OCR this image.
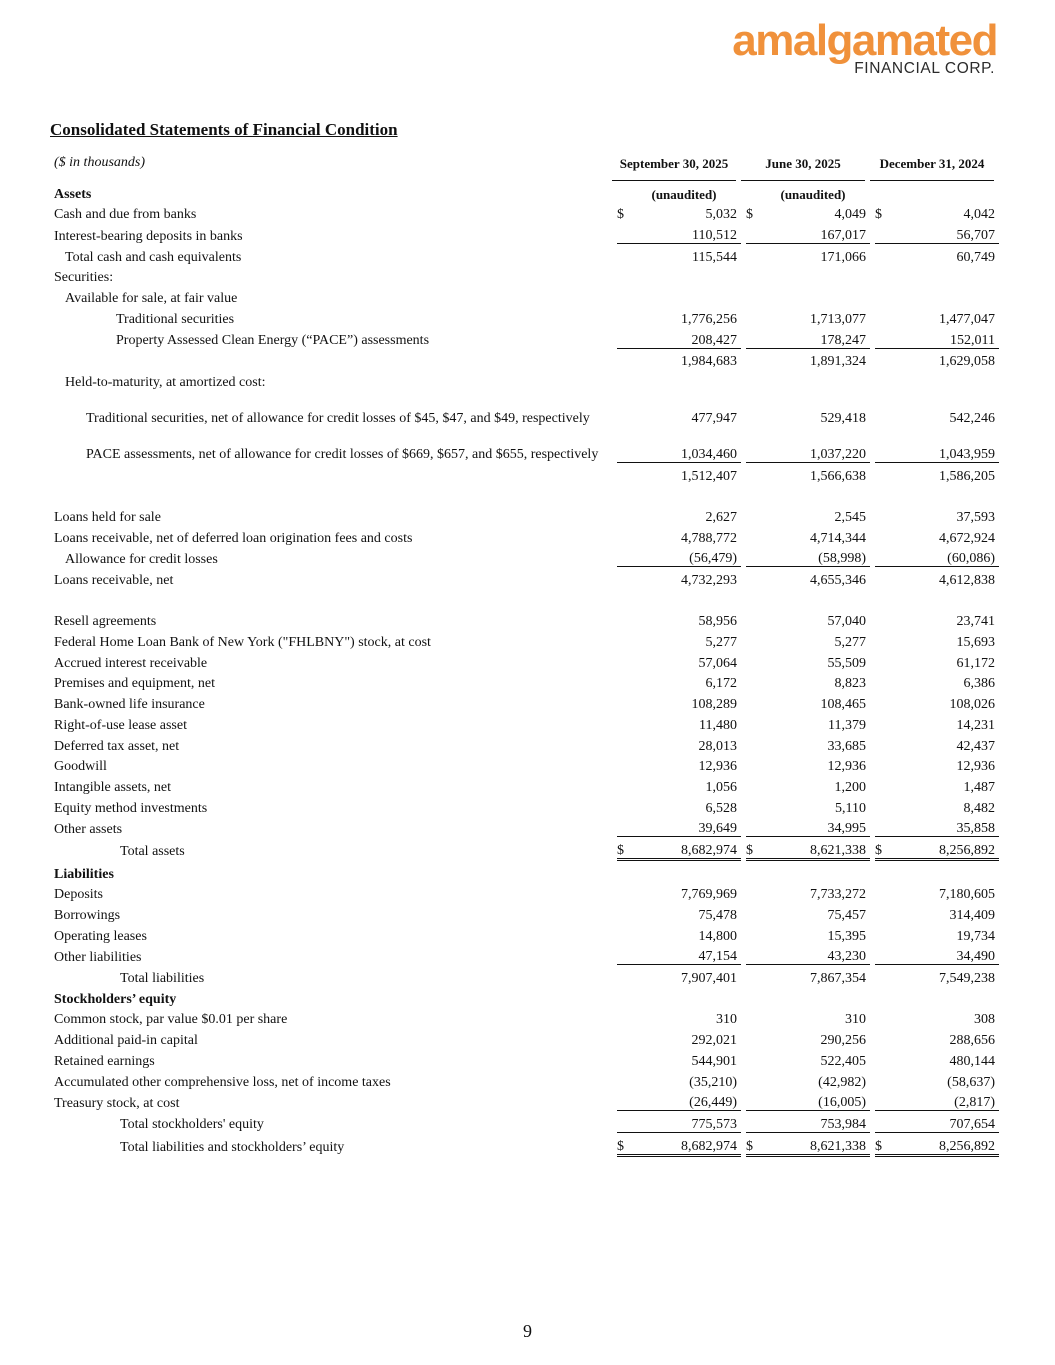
amalgamated
FINANCIAL CORP.
Consolidated Statements of Financial Condition
($ in thousands)	September 30, 2025	June 30, 2025	December 31, 2024
Assets			(unaudited)			(unaudited)			
Cash and due from banks		$	5,032		$	4,049		$	4,042
Interest-bearing deposits in banks			110,512			167,017			56,707
Total cash and cash equivalents			115,544			171,066			60,749
Securities:									
Available for sale, at fair value									
Traditional securities			1,776,256			1,713,077			1,477,047
Property Assessed Clean Energy (“PACE”) assessments			208,427			178,247			152,011
			1,984,683			1,891,324			1,629,058
Held-to-maturity, at amortized cost:									

Traditional securities, net of allowance for credit losses of $45, $47, and $49, respectively			477,947			529,418			542,246

PACE assessments, net of allowance for credit losses of $669, $657, and $655, respectively			1,034,460			1,037,220			1,043,959
			1,512,407			1,566,638			1,586,205

Loans held for sale			2,627			2,545			37,593
Loans receivable, net of deferred loan origination fees and costs			4,788,772			4,714,344			4,672,924
Allowance for credit losses			(56,479)			(58,998)			(60,086)
Loans receivable, net			4,732,293			4,655,346			4,612,838

Resell agreements			58,956			57,040			23,741
Federal Home Loan Bank of New York ("FHLBNY") stock, at cost			5,277			5,277			15,693
Accrued interest receivable			57,064			55,509			61,172
Premises and equipment, net			6,172			8,823			6,386
Bank-owned life insurance			108,289			108,465			108,026
Right-of-use lease asset			11,480			11,379			14,231
Deferred tax asset, net			28,013			33,685			42,437
Goodwill			12,936			12,936			12,936
Intangible assets, net			1,056			1,200			1,487
Equity method investments			6,528			5,110			8,482
Other assets			39,649			34,995			35,858
Total assets		$	8,682,974		$	8,621,338		$	8,256,892
Liabilities									
Deposits			7,769,969			7,733,272			7,180,605
Borrowings			75,478			75,457			314,409
Operating leases			14,800			15,395			19,734
Other liabilities			47,154			43,230			34,490
Total liabilities			7,907,401			7,867,354			7,549,238
Stockholders’ equity									
Common stock, par value $0.01 per share			310			310			308
Additional paid-in capital			292,021			290,256			288,656
Retained earnings			544,901			522,405			480,144
Accumulated other comprehensive loss, net of income taxes			(35,210)			(42,982)			(58,637)
Treasury stock, at cost			(26,449)			(16,005)			(2,817)
Total stockholders' equity			775,573			753,984			707,654
Total liabilities and stockholders’ equity		$	8,682,974		$	8,621,338		$	8,256,892
9
